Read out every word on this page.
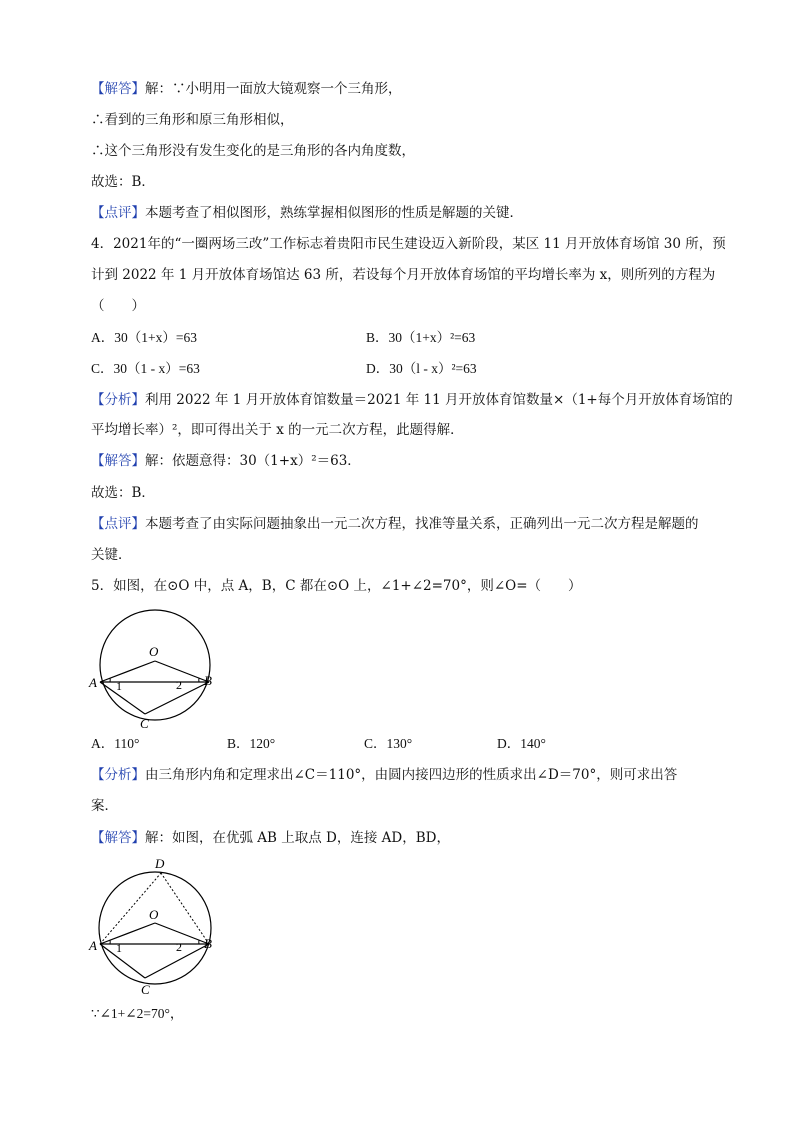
【解答】解：∵小明用一面放大镜观察一个三角形，
∴看到的三角形和原三角形相似，
∴这个三角形没有发生变化的是三角形的各内角度数，
故选：B．
【点评】本题考查了相似图形，熟练掌握相似图形的性质是解题的关键．
4．2021年的“一圈两场三改”工作标志着贵阳市民生建设迈入新阶段，某区 11 月开放体育场馆 30 所，预
计到 2022 年 1 月开放体育场馆达 63 所，若设每个月开放体育场馆的平均增长率为 x，则所列的方程为
（　　）
A．30（1+x）=63	B．30（1+x）²=63
C．30（1 - x）=63	D．30（l - x）²=63
【分析】利用 2022 年 1 月开放体育馆数量＝2021 年 11 月开放体育馆数量×（1+每个月开放体育场馆的
平均增长率）²，即可得出关于 x 的一元二次方程，此题得解．
【解答】解：依题意得：30（1+x）²＝63．
故选：B．
【点评】本题考查了由实际问题抽象出一元二次方程，找准等量关系，正确列出一元二次方程是解题的
关键．
5．如图，在⊙O 中，点 A，B，C 都在⊙O 上，∠1+∠2=70°，则∠O=（　　）
O
A	B
C
1	2
A．110°	B．120°	C．130°	D．140°
【分析】由三角形内角和定理求出∠C＝110°，由圆内接四边形的性质求出∠D＝70°，则可求出答
案．
【解答】解：如图，在优弧 AB 上取点 D，连接 AD，BD，
D
O
A	B
C
1	2
∵∠1+∠2=70°，
